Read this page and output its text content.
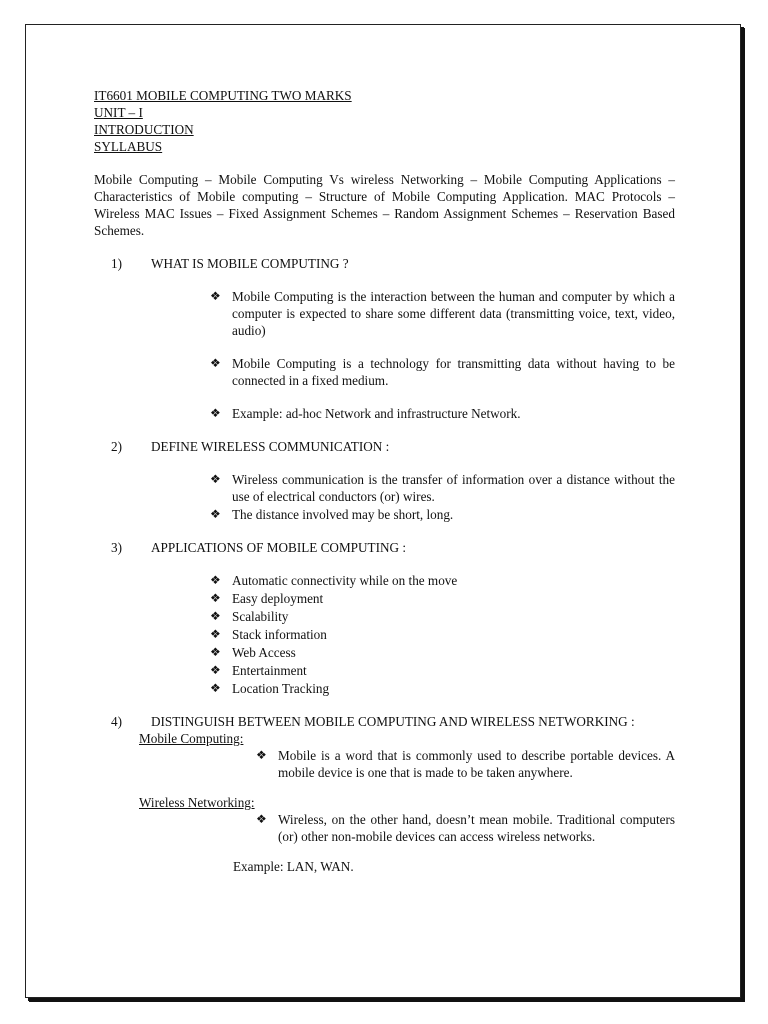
IT6601 MOBILE COMPUTING TWO MARKS
UNIT – I
INTRODUCTION
SYLLABUS
Mobile Computing – Mobile Computing Vs wireless Networking – Mobile Computing Applications – Characteristics of Mobile computing – Structure of Mobile Computing Application. MAC Protocols – Wireless MAC Issues – Fixed Assignment Schemes – Random Assignment Schemes – Reservation Based Schemes.
1)	WHAT IS MOBILE COMPUTING ?
❖ Mobile Computing is the interaction between the human and computer by which a computer is expected to share some different data (transmitting voice, text, video, audio)
❖ Mobile Computing is a technology for transmitting data without having to be connected in a fixed medium.
❖ Example: ad-hoc Network and infrastructure Network.
2)	DEFINE WIRELESS COMMUNICATION :
❖ Wireless communication is the transfer of information over a distance without the use of electrical conductors (or) wires.
❖ The distance involved may be short, long.
3)	APPLICATIONS OF MOBILE COMPUTING :
❖ Automatic connectivity while on the move
❖ Easy deployment
❖ Scalability
❖ Stack information
❖ Web Access
❖ Entertainment
❖ Location Tracking
4)	DISTINGUISH BETWEEN MOBILE COMPUTING AND WIRELESS NETWORKING :
Mobile Computing:
❖ Mobile is a word that is commonly used to describe portable devices. A mobile device is one that is made to be taken anywhere.
Wireless Networking:
❖ Wireless, on the other hand, doesn’t mean mobile. Traditional computers (or) other non-mobile devices can access wireless networks.
Example: LAN, WAN.
